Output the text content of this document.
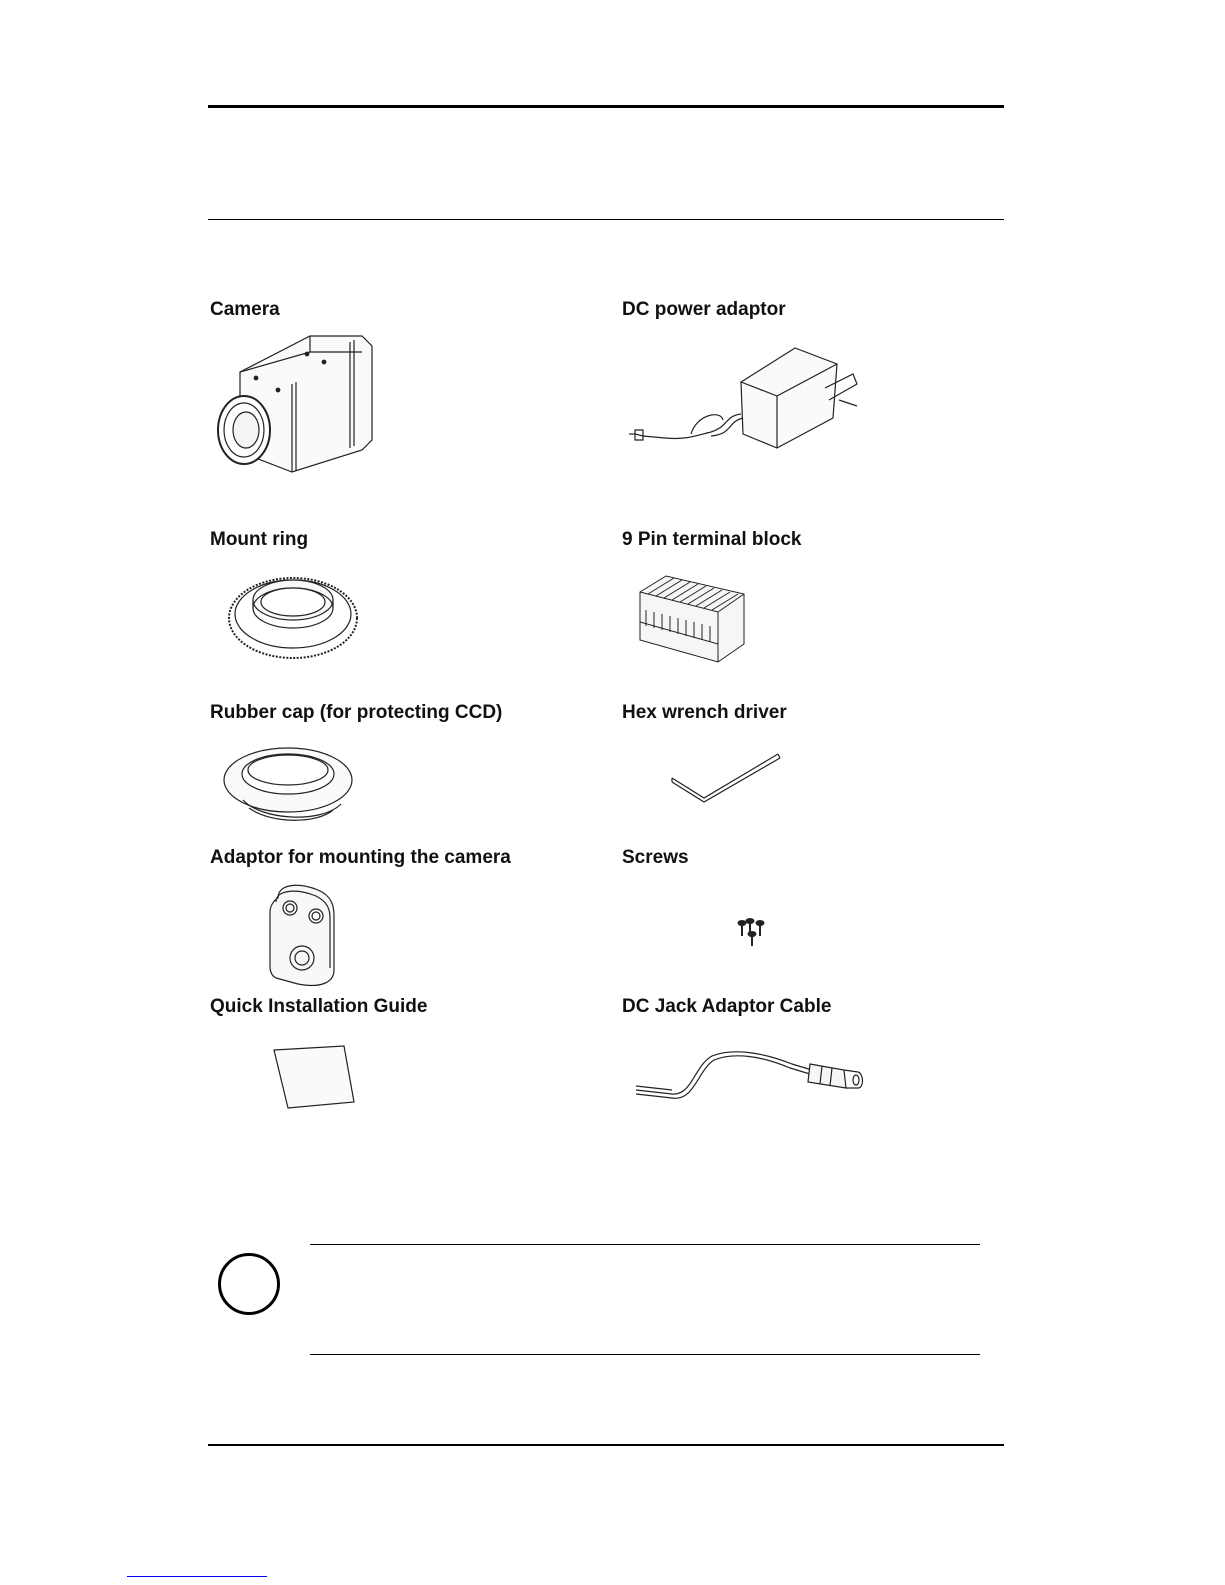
Camera	DC power adaptor
Mount ring	9 Pin terminal block
Rubber cap (for protecting CCD)	Hex wrench driver
Adaptor for mounting the camera	Screws
Quick Installation Guide	DC Jack Adaptor Cable
